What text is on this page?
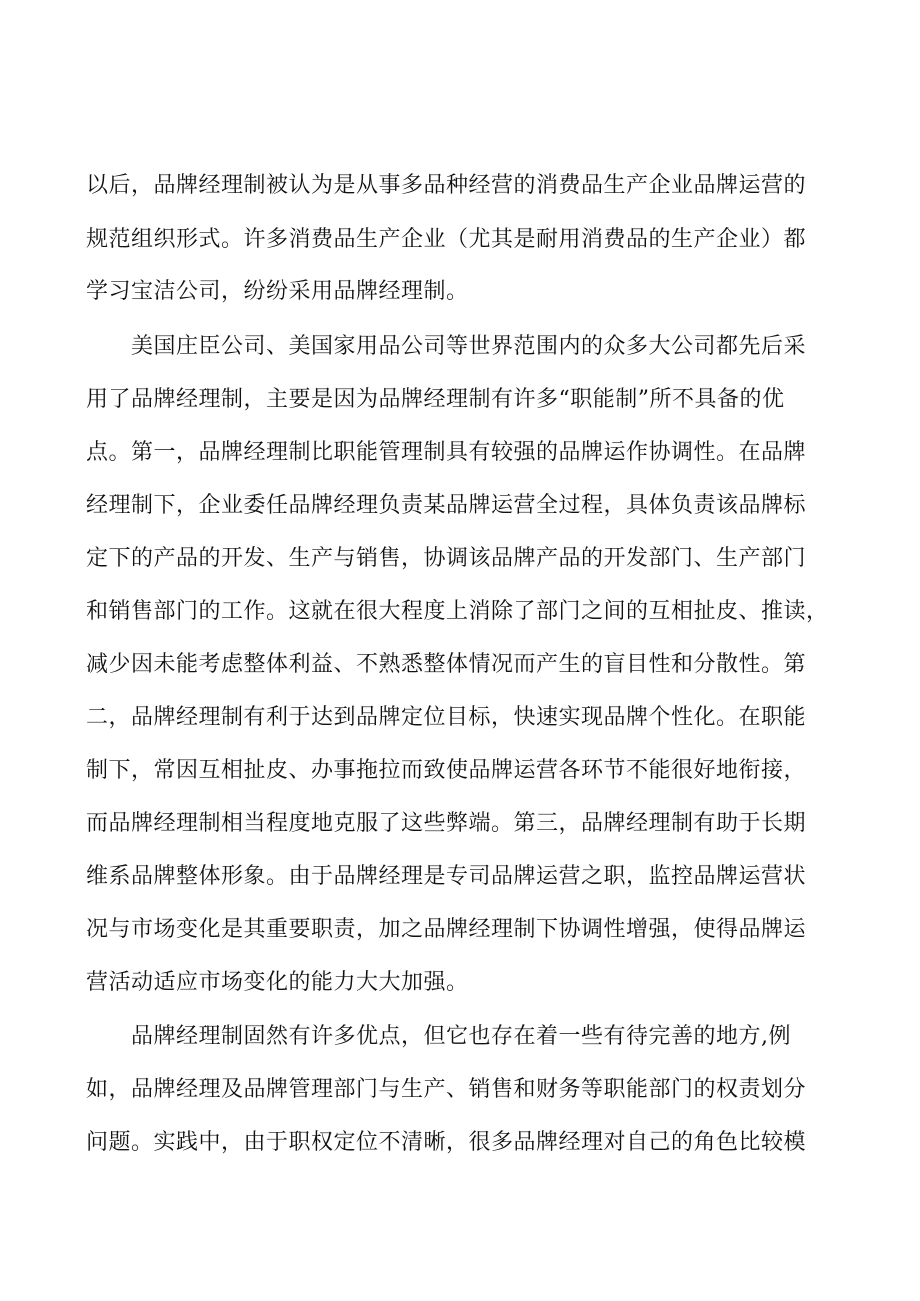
以后，品牌经理制被认为是从事多品种经营的消费品生产企业品牌运营的
规范组织形式。许多消费品生产企业（尤其是耐用消费品的生产企业）都
学习宝洁公司，纷纷采用品牌经理制。
美国庄臣公司、美国家用品公司等世界范围内的众多大公司都先后采
用了品牌经理制，主要是因为品牌经理制有许多“职能制”所不具备的优
点。第一，品牌经理制比职能管理制具有较强的品牌运作协调性。在品牌
经理制下，企业委任品牌经理负责某品牌运营全过程，具体负责该品牌标
定下的产品的开发、生产与销售，协调该品牌产品的开发部门、生产部门
和销售部门的工作。这就在很大程度上消除了部门之间的互相扯皮、推读，
减少因未能考虑整体利益、不熟悉整体情况而产生的盲目性和分散性。第
二，品牌经理制有利于达到品牌定位目标，快速实现品牌个性化。在职能
制下，常因互相扯皮、办事拖拉而致使品牌运营各环节不能很好地衔接，
而品牌经理制相当程度地克服了这些弊端。第三，品牌经理制有助于长期
维系品牌整体形象。由于品牌经理是专司品牌运营之职，监控品牌运营状
况与市场变化是其重要职责，加之品牌经理制下协调性增强，使得品牌运
营活动适应市场变化的能力大大加强。
品牌经理制固然有许多优点，但它也存在着一些有待完善的地方,例
如，品牌经理及品牌管理部门与生产、销售和财务等职能部门的权责划分
问题。实践中，由于职权定位不清晰，很多品牌经理对自己的角色比较模
